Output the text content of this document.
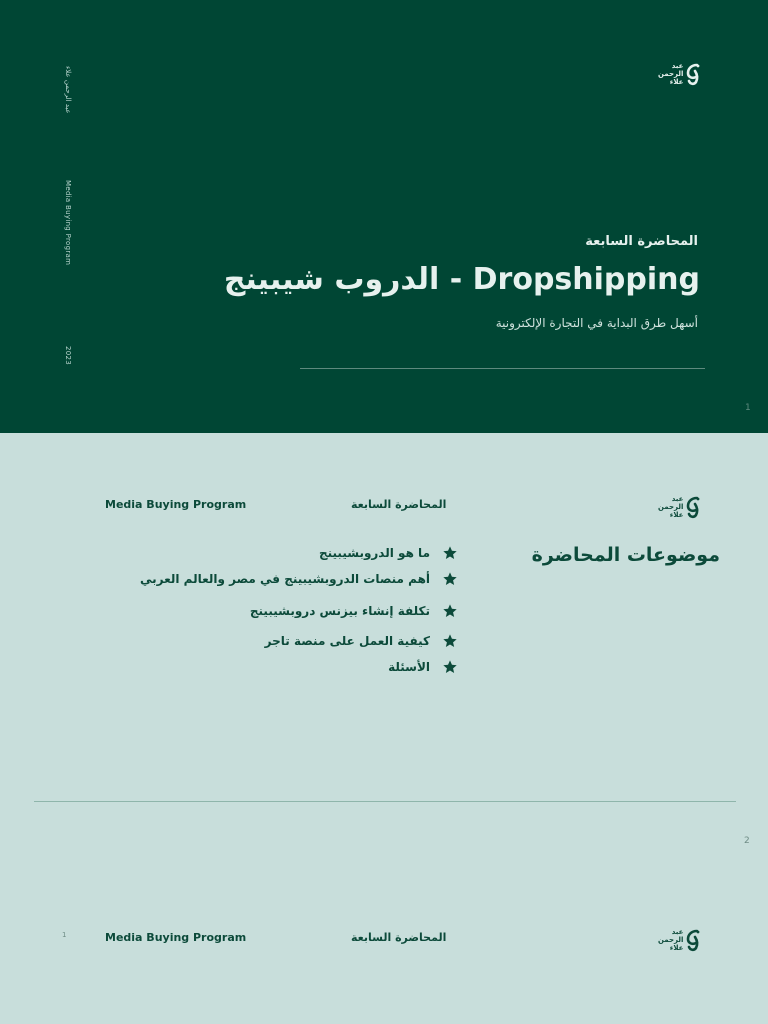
عبد الرحمن علاء
Media Buying Program
2023
عبد
الرحمن
علاء
المحاضرة السابعة
الدروب شيبينج - Dropshipping
أسهل طرق البداية في التجارة الإلكترونية
1
Media Buying Program	المحاضرة السابعة	عبد
الرحمن
علاء
موضوعات المحاضرة
ما هو الدروبشيبينج
أهم منصات الدروبشيبينج في مصر والعالم العربي
تكلفة إنشاء بيزنس دروبشيبينج
كيفية العمل على منصة تاجر
الأسئلة
2
1	Media Buying Program	المحاضرة السابعة	عبد
الرحمن
علاء
